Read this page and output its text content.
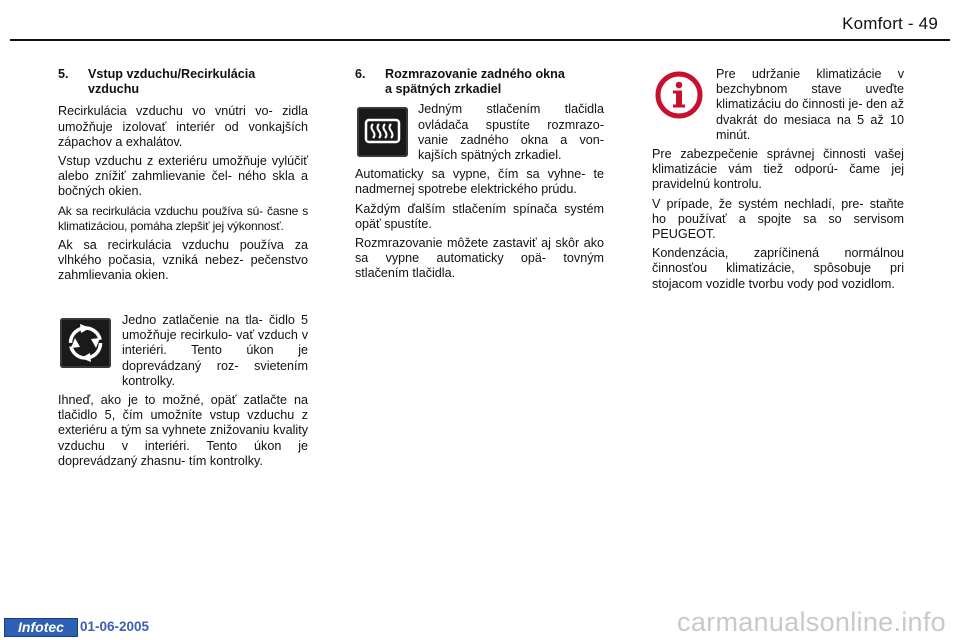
Komfort - 49
5. Vstup vzduchu/Recirkulácia
vzduchu

Recirkulácia vzduchu vo vnútri vo- zidla umožňuje izolovať interiér od vonkajších zápachov a exhalátov.

Vstup vzduchu z exteriéru umožňuje vylúčiť alebo znížiť zahmlievanie čel- ného skla a bočných okien.

Ak sa recirkulácia vzduchu používa sú- časne s klimatizáciou, pomáha zlepšiť jej výkonnosť.

Ak sa recirkulácia vzduchu používa za vlhkého počasia, vzniká nebez- pečenstvo zahmlievania okien.

Jedno zatlačenie na tla- čidlo 5 umožňuje recirkulo- vať vzduch v interiéri. Tento úkon je doprevádzaný roz- svietením kontrolky.

Ihneď, ako je to možné, opäť zatlačte na tlačidlo 5, čím umožníte vstup vzduchu z exteriéru a tým sa vyhnete znižovaniu kvality vzduchu v interiéri. Tento úkon je doprevádzaný zhasnu- tím kontrolky.

6. Rozmrazovanie zadného okna
a spätných zrkadiel

Jedným stlačením tlačidla ovládača spustíte rozmrazo- vanie zadného okna a von- kajších spätných zrkadiel.

Automaticky sa vypne, čím sa vyhne- te nadmernej spotrebe elektrického prúdu.

Každým ďalším stlačením spínača systém opäť spustíte.

Rozmrazovanie môžete zastaviť aj skôr ako sa vypne automaticky opä- tovným stlačením tlačidla.

Pre udržanie klimatizácie v bezchybnom stave uveďte klimatizáciu do činnosti je- den až dvakrát do mesiaca na 5 až 10 minút.

Pre zabezpečenie správnej činnosti vašej klimatizácie vám tiež odporú- čame jej pravidelnú kontrolu.

V prípade, že systém nechladí, pre- staňte ho používať a spojte sa so servisom PEUGEOT.

Kondenzácia, zapríčinená normálnou činnosťou klimatizácie, spôsobuje pri stojacom vozidle tvorbu vody pod vozidlom.

Infotec	01-06-2005	carmanualsonline.info
